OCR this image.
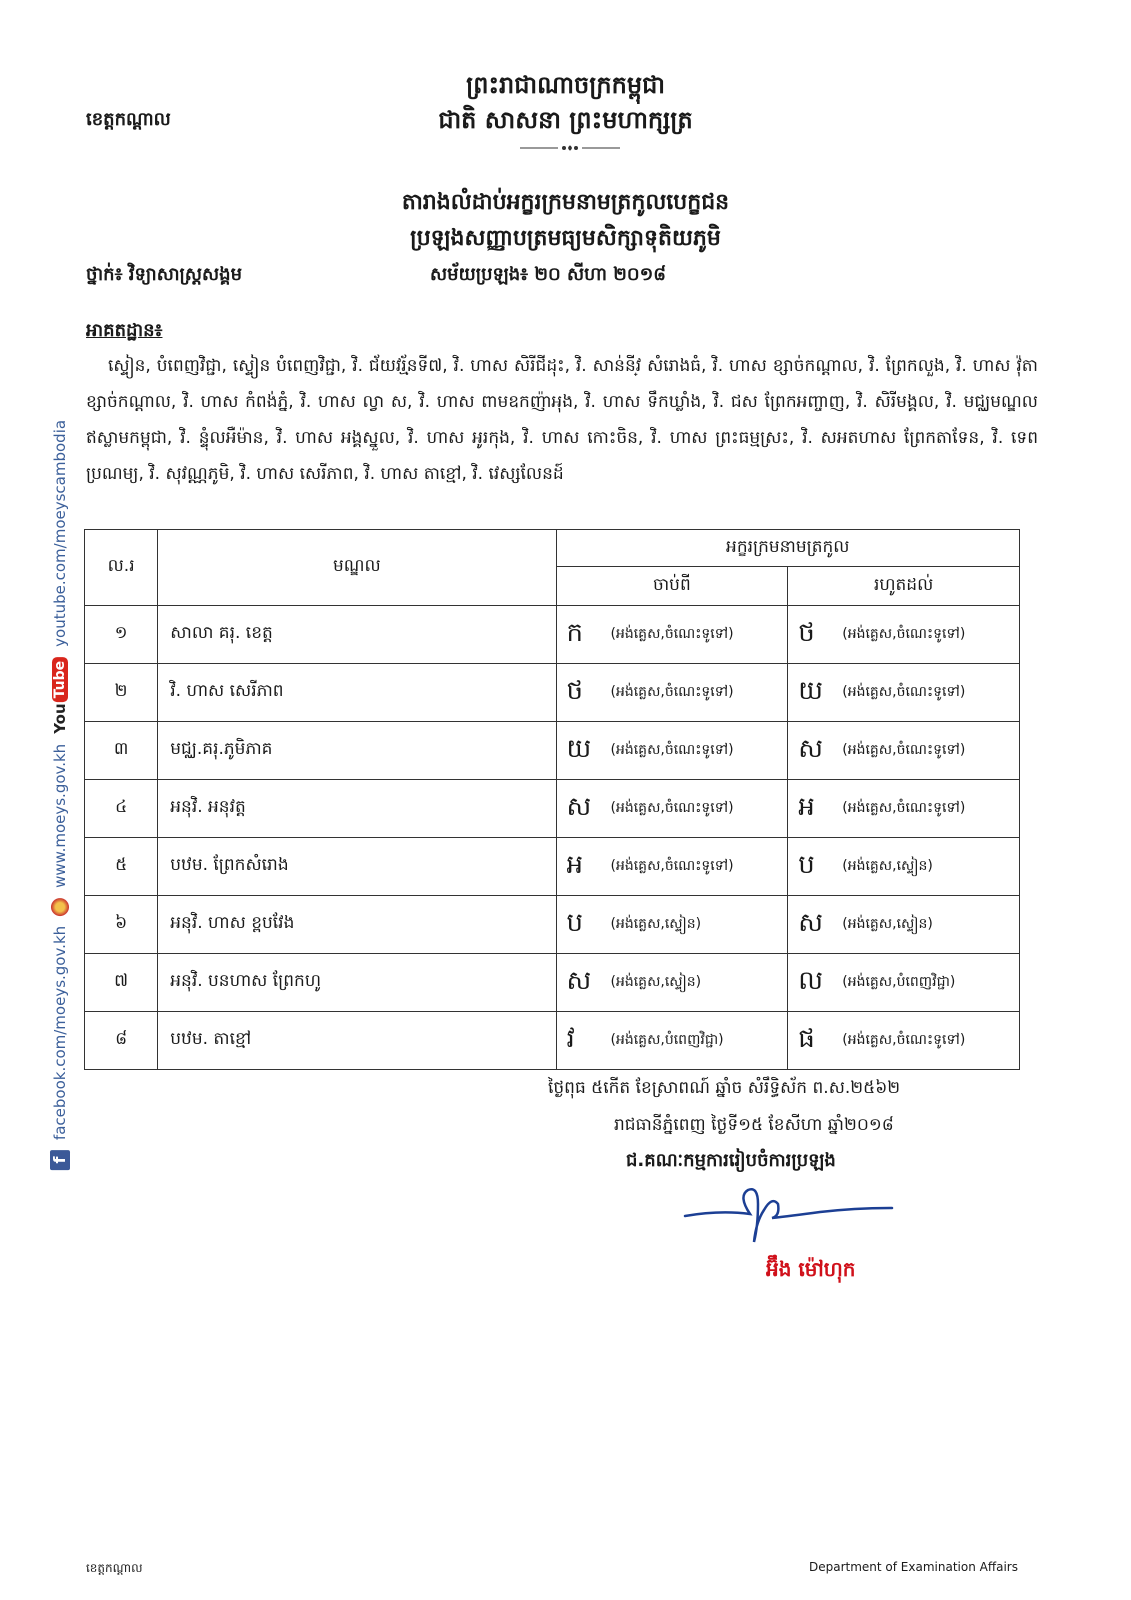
ខេត្តកណ្ដាល
ព្រះរាជាណាចក្រកម្ពុជា
ជាតិ សាសនា ព្រះមហាក្សត្រ
តារាងលំដាប់អក្ខរក្រមនាមត្រកូលបេក្ខជន
ប្រឡងសញ្ញាបត្រមធ្យមសិក្សាទុតិយភូមិ
ថ្នាក់៖ វិទ្យាសាស្ត្រសង្គម	សម័យប្រឡង៖ ២០ សីហា ២០១៨
អាគតដ្ឋាន៖
ស្ទៀន, បំពេញវិជ្ជា, ស្ទៀន បំពេញវិជ្ជា, វិ. ជ័យវរ្ម័នទី៧, វិ. ហាស សិរីជីដុះ, វិ. សាន់នីវ្ សំរោងធំ, វិ. ហាស ខ្សាច់កណ្ដាល, វិ. ព្រែកលួង, វិ. ហាស វ៉ុតាខ្សាច់កណ្ដាល, វិ. ហាស កំពង់ភ្នំ, វិ. ហាស ល្វា ស, វិ. ហាស ពាមឧកញ៉ាអុង, វិ. ហាស ទឹកឃ្លាំង, វិ. ជស ព្រែកអញ្ចាញ, វិ. សិរីមង្គល, វិ. មជ្ឈមណ្ឌលឥស្លាមកម្ពុជា, វិ. ន្ទុំលអឺម៉ាន, វិ. ហាស អង្គស្នួល, វិ. ហាស អូរកុង, វិ. ហាស កោះចិន, វិ. ហាស ព្រះធម្មស្រះ, វិ. សអតហាស ព្រែកតាទែន, វិ. ទេពប្រណម្យ, វិ. សុវណ្ណភូមិ, វិ. ហាស សេរីភាព, វិ. ហាស តាខ្មៅ, វិ. វេស្សលែនដ៍
f
facebook.com/moeys.gov.kh
www.moeys.gov.kh
You
Tube
youtube.com/moeyscambodia ល.រ	មណ្ឌល	អក្ខរក្រមនាមត្រកូល	
		ចាប់ពី	រហូតដល់
១	សាលា គរុ. ខេត្ត	ក (អង់គ្លេស,ចំណេះទូទៅ)	ថ (អង់គ្លេស,ចំណេះទូទៅ)

២	វិ. ហាស សេរីភាព	ថ (អង់គ្លេស,ចំណេះទូទៅ)	យ (អង់គ្លេស,ចំណេះទូទៅ)

៣	មជ្ឈ.គរុ.ភូមិភាគ	យ (អង់គ្លេស,ចំណេះទូទៅ)	ស (អង់គ្លេស,ចំណេះទូទៅ)

៤	អនុវិ. អនុវត្ត	ស (អង់គ្លេស,ចំណេះទូទៅ)	អ (អង់គ្លេស,ចំណេះទូទៅ)

៥	បឋម. ព្រែកសំរោង	អ (អង់គ្លេស,ចំណេះទូទៅ)	ប (អង់គ្លេស,ស្ទៀន)

៦	អនុវិ. ហាស ខ្ពបវែង	ប (អង់គ្លេស,ស្ទៀន)	ស (អង់គ្លេស,ស្ទៀន)

៧	អនុវិ. បនហាស ព្រែកហូ	ស (អង់គ្លេស,ស្ទៀន)	ល (អង់គ្លេស,បំពេញវិជ្ជា)

៨	បឋម. តាខ្មៅ	វ (អង់គ្លេស,បំពេញវិជ្ជា)	ផ (អង់គ្លេស,ចំណេះទូទៅ)
ថ្ងៃពុធ ៥កើត ខែស្រាពណ៍ ឆ្នាំច សំរឹទ្ធិស័ក ព.ស.២៥៦២
រាជធានីភ្នំពេញ ថ្ងៃទី១៥ ខែសីហា ឆ្នាំ២០១៨
ជ.គណៈកម្មការរៀបចំការប្រឡង
អ៊ឹង ម៉ៅហុក
ខេត្តកណ្ដាល	Department of Examination Affairs
